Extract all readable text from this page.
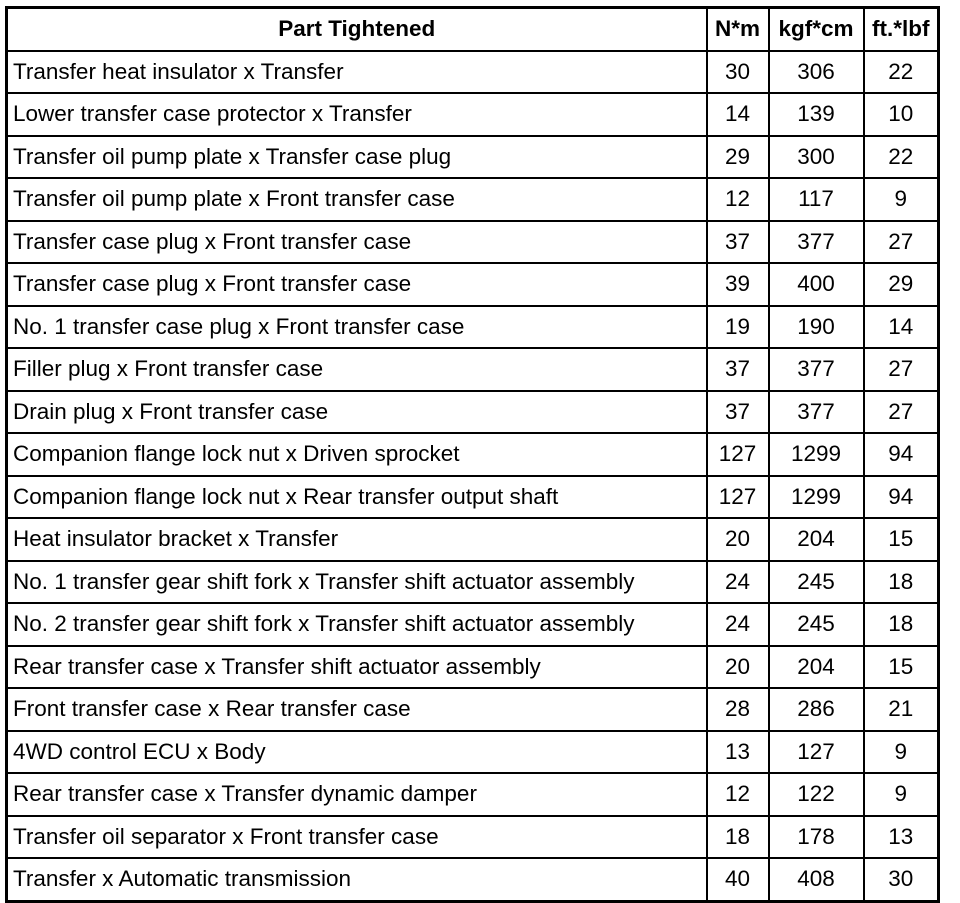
Part Tightened	N*m	kgf*cm	ft.*lbf
Transfer heat insulator x Transfer	30	306	22
Lower transfer case protector x Transfer	14	139	10
Transfer oil pump plate x Transfer case plug	29	300	22
Transfer oil pump plate x Front transfer case	12	117	9
Transfer case plug x Front transfer case	37	377	27
Transfer case plug x Front transfer case	39	400	29
No. 1 transfer case plug x Front transfer case	19	190	14
Filler plug x Front transfer case	37	377	27
Drain plug x Front transfer case	37	377	27
Companion flange lock nut x Driven sprocket	127	1299	94
Companion flange lock nut x Rear transfer output shaft	127	1299	94
Heat insulator bracket x Transfer	20	204	15
No. 1 transfer gear shift fork x Transfer shift actuator assembly	24	245	18
No. 2 transfer gear shift fork x Transfer shift actuator assembly	24	245	18
Rear transfer case x Transfer shift actuator assembly	20	204	15
Front transfer case x Rear transfer case	28	286	21
4WD control ECU x Body	13	127	9
Rear transfer case x Transfer dynamic damper	12	122	9
Transfer oil separator x Front transfer case	18	178	13
Transfer x Automatic transmission	40	408	30
